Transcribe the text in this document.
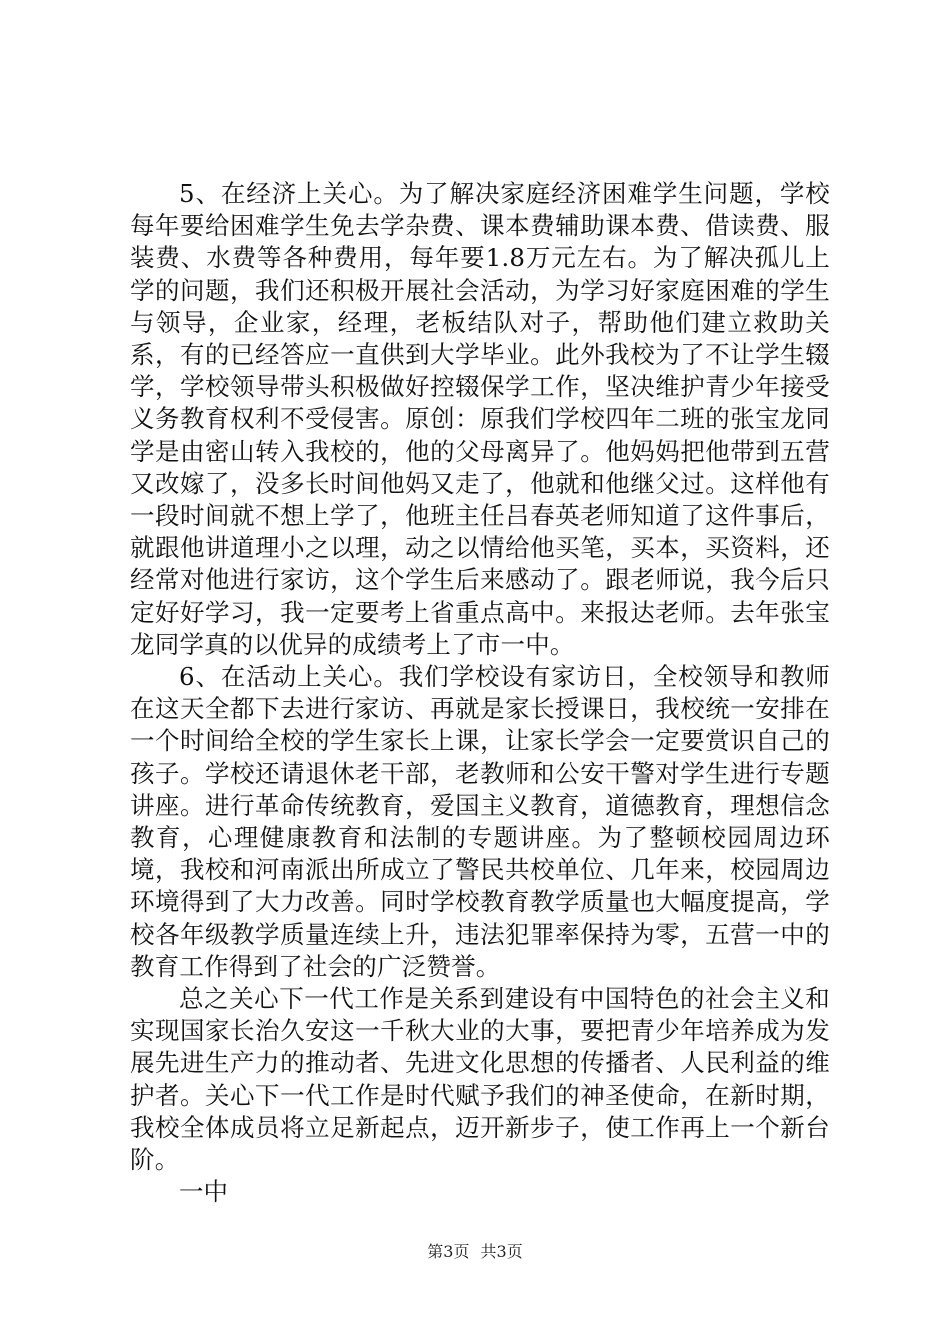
5、在经济上关心。为了解决家庭经济困难学生问题，学校每年要给困难学生免去学杂费、课本费辅助课本费、借读费、服装费、水费等各种费用，每年要1.8万元左右。为了解决孤儿上学的问题，我们还积极开展社会活动，为学习好家庭困难的学生与领导，企业家，经理，老板结队对子，帮助他们建立救助关系，有的已经答应一直供到大学毕业。此外我校为了不让学生辍学，学校领导带头积极做好控辍保学工作，坚决维护青少年接受义务教育权利不受侵害。原创：原我们学校四年二班的张宝龙同学是由密山转入我校的，他的父母离异了。他妈妈把他带到五营又改嫁了，没多长时间他妈又走了，他就和他继父过。这样他有一段时间就不想上学了，他班主任吕春英老师知道了这件事后，就跟他讲道理小之以理，动之以情给他买笔，买本，买资料，还经常对他进行家访，这个学生后来感动了。跟老师说，我今后只定好好学习，我一定要考上省重点高中。来报达老师。去年张宝龙同学真的以优异的成绩考上了市一中。

6、在活动上关心。我们学校设有家访日，全校领导和教师在这天全都下去进行家访、再就是家长授课日，我校统一安排在一个时间给全校的学生家长上课，让家长学会一定要赏识自己的孩子。学校还请退休老干部，老教师和公安干警对学生进行专题讲座。进行革命传统教育，爱国主义教育，道德教育，理想信念教育，心理健康教育和法制的专题讲座。为了整顿校园周边环境，我校和河南派出所成立了警民共校单位、几年来，校园周边环境得到了大力改善。同时学校教育教学质量也大幅度提高，学校各年级教学质量连续上升，违法犯罪率保持为零，五营一中的教育工作得到了社会的广泛赞誉。

总之关心下一代工作是关系到建设有中国特色的社会主义和实现国家长治久安这一千秋大业的大事，要把青少年培养成为发展先进生产力的推动者、先进文化思想的传播者、人民利益的维护者。关心下一代工作是时代赋予我们的神圣使命，在新时期，我校全体成员将立足新起点，迈开新步子，使工作再上一个新台阶。

一中

第3页 共3页
